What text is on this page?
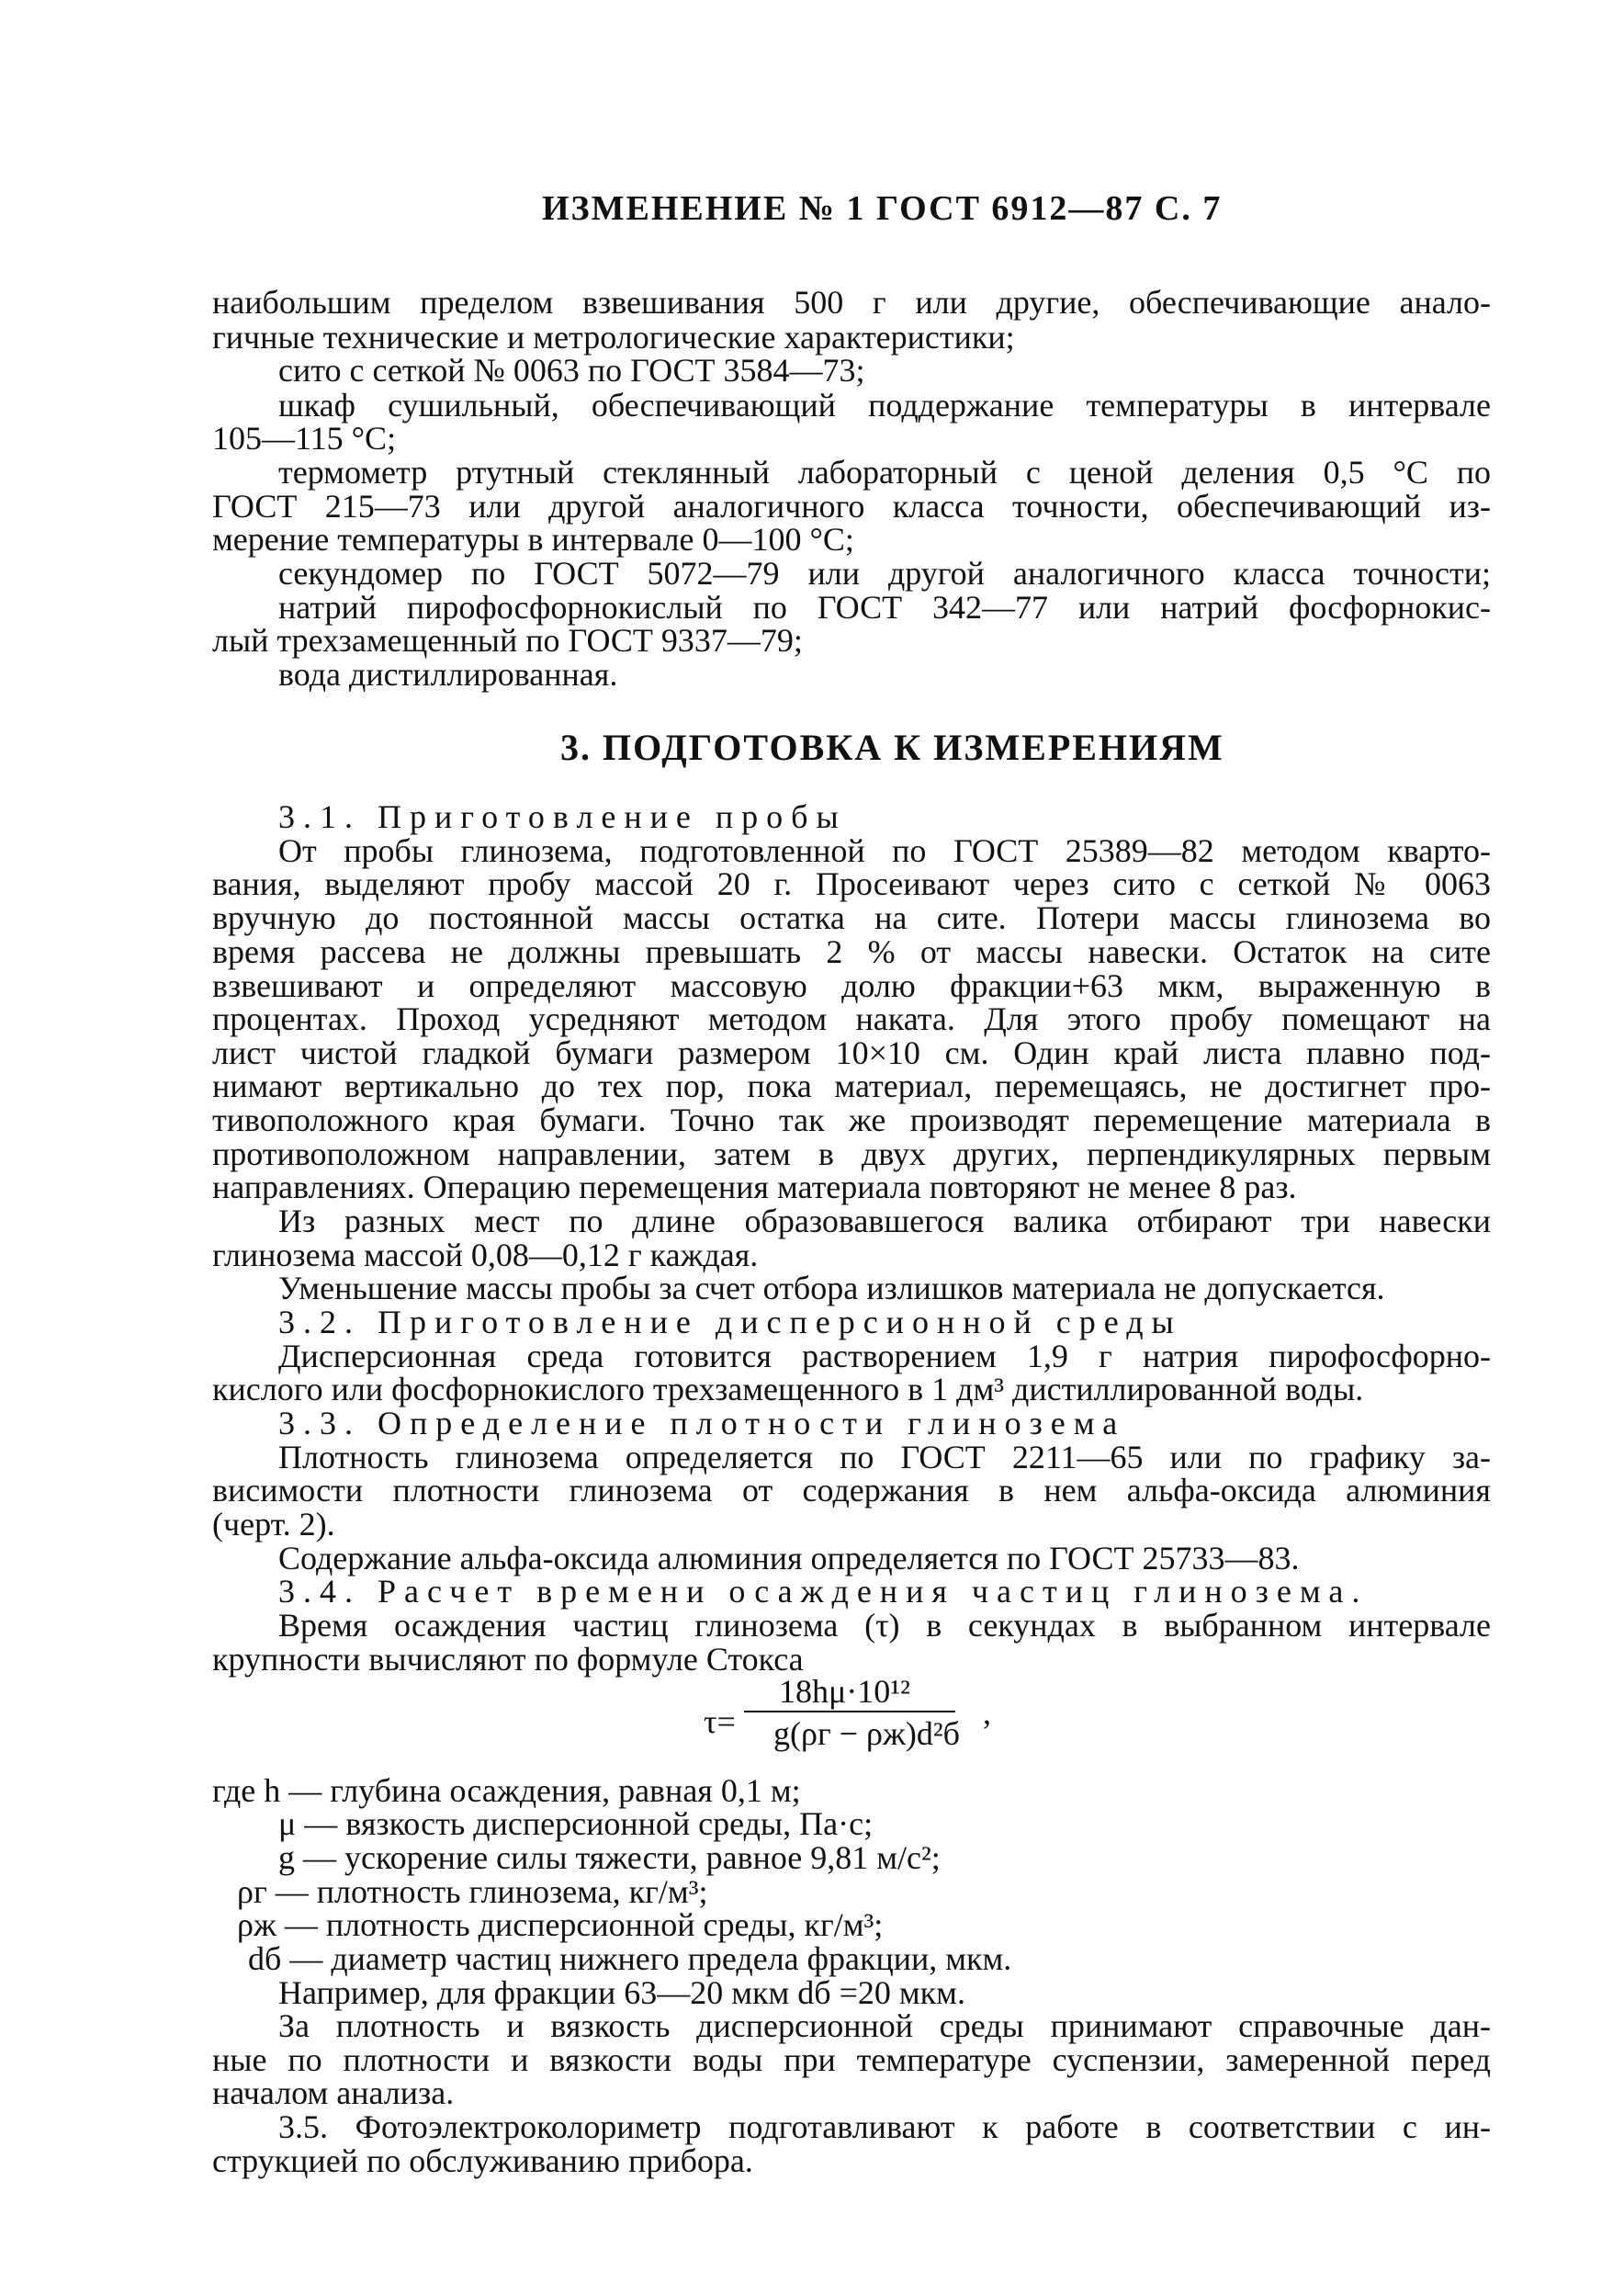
ИЗМЕНЕНИЕ № 1 ГОСТ 6912—87 С. 7
наибольшим пределом взвешивания 500 г или другие, обеспечивающие анало-
гичные технические и метрологические характеристики;
сито с сеткой № 0063 по ГОСТ 3584—73;
шкаф сушильный, обеспечивающий поддержание температуры в интервале
105—115 °С;
термометр ртутный стеклянный лабораторный с ценой деления 0,5 °С по
ГОСТ 215—73 или другой аналогичного класса точности, обеспечивающий из-
мерение температуры в интервале 0—100 °С;
секундомер по ГОСТ 5072—79 или другой аналогичного класса точности;
натрий пирофосфорнокислый по ГОСТ 342—77 или натрий фосфорнокис-
лый трехзамещенный по ГОСТ 9337—79;
вода дистиллированная.
3. ПОДГОТОВКА К ИЗМЕРЕНИЯМ
3.1. Приготовление пробы
От пробы глинозема, подготовленной по ГОСТ 25389—82 методом кварто-
вания, выделяют пробу массой 20 г. Просеивают через сито с сеткой № 0063
вручную до постоянной массы остатка на сите. Потери массы глинозема во
время рассева не должны превышать 2 % от массы навески. Остаток на сите
взвешивают и определяют массовую долю фракции+63 мкм, выраженную в
процентах. Проход усредняют методом наката. Для этого пробу помещают на
лист чистой гладкой бумаги размером 10×10 см. Один край листа плавно под-
нимают вертикально до тех пор, пока материал, перемещаясь, не достигнет про-
тивоположного края бумаги. Точно так же производят перемещение материала в
противоположном направлении, затем в двух других, перпендикулярных первым
направлениях. Операцию перемещения материала повторяют не менее 8 раз.
Из разных мест по длине образовавшегося валика отбирают три навески
глинозема массой 0,08—0,12 г каждая.
Уменьшение массы пробы за счет отбора излишков материала не допускается.
3.2. Приготовление дисперсионной среды
Дисперсионная среда готовится растворением 1,9 г натрия пирофосфорно-
кислого или фосфорнокислого трехзамещенного в 1 дм³ дистиллированной воды.
3.3. Определение плотности глинозема
Плотность глинозема определяется по ГОСТ 2211—65 или по графику за-
висимости плотности глинозема от содержания в нем альфа-оксида алюминия
(черт. 2).
Содержание альфа-оксида алюминия определяется по ГОСТ 25733—83.
3.4. Расчет времени осаждения частиц глинозема.
Время осаждения частиц глинозема (τ) в секундах в выбранном интервале
крупности вычисляют по формуле Стокса
τ=
18hμ·10¹²
g(ρг − ρж)d²б
,
где h — глубина осаждения, равная 0,1 м;
μ — вязкость дисперсионной среды, Па·с;
g — ускорение силы тяжести, равное 9,81 м/с²;
ρг — плотность глинозема, кг/м³;
ρж — плотность дисперсионной среды, кг/м³;
dб — диаметр частиц нижнего предела фракции, мкм.
Например, для фракции 63—20 мкм dб =20 мкм.
За плотность и вязкость дисперсионной среды принимают справочные дан-
ные по плотности и вязкости воды при температуре суспензии, замеренной перед
началом анализа.
3.5. Фотоэлектроколориметр подготавливают к работе в соответствии с ин-
струкцией по обслуживанию прибора.
